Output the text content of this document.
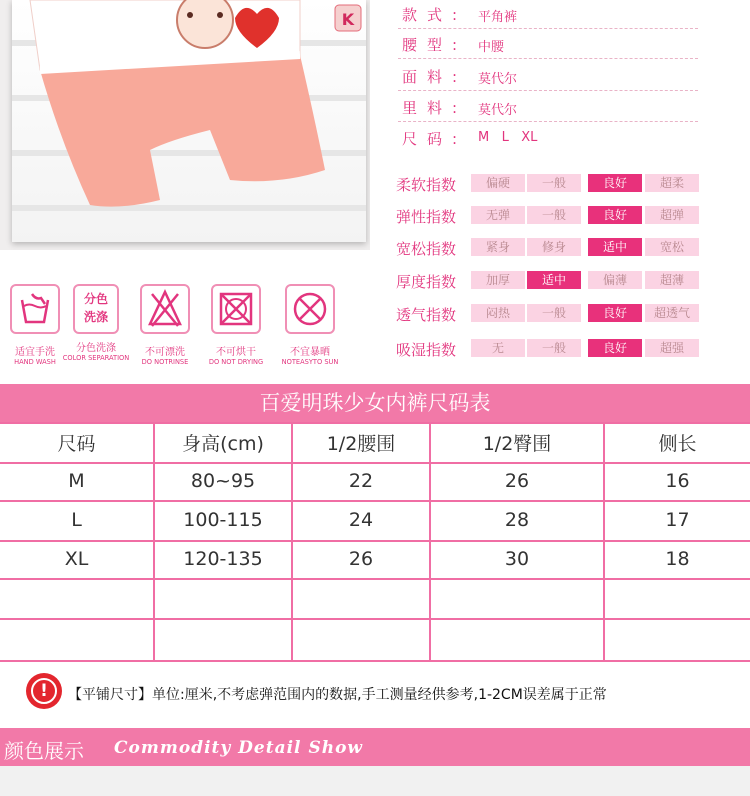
K	款式: 平角裤
腰型: 中腰
面料: 莫代尔
里料: 莫代尔
尺码: M   L   XL
柔软指数	偏硬	一般	良好	超柔
弹性指数	无弹	一般	良好	超弹
宽松指数	紧身	修身	适中	宽松
厚度指数	加厚	适中	偏薄	超薄
透气指数	闷热	一般	良好	超透气
吸湿指数	无	一般	良好	超强
适宜手洗
HAND WASH
分色
洗涤
分色洗涤
COLOR SEPARATION	不可漂洗
DO NOTRINSE
不可烘干
DO NOT DRYING
不宜暴晒
NOTEASYTO SUN
百爱明珠少女内裤尺码表
尺码	身高(cm)	1/2腰围	1/2臀围	侧长
M	80~95	22	26	16
L	100-115	24	28	17
XL	120-135	26	30	18
!	【平铺尺寸】单位:厘米,不考虑弹范围内的数据,手工测量经供参考,1-2CM误差属于正常
颜色展示 Commodity Detail Show
